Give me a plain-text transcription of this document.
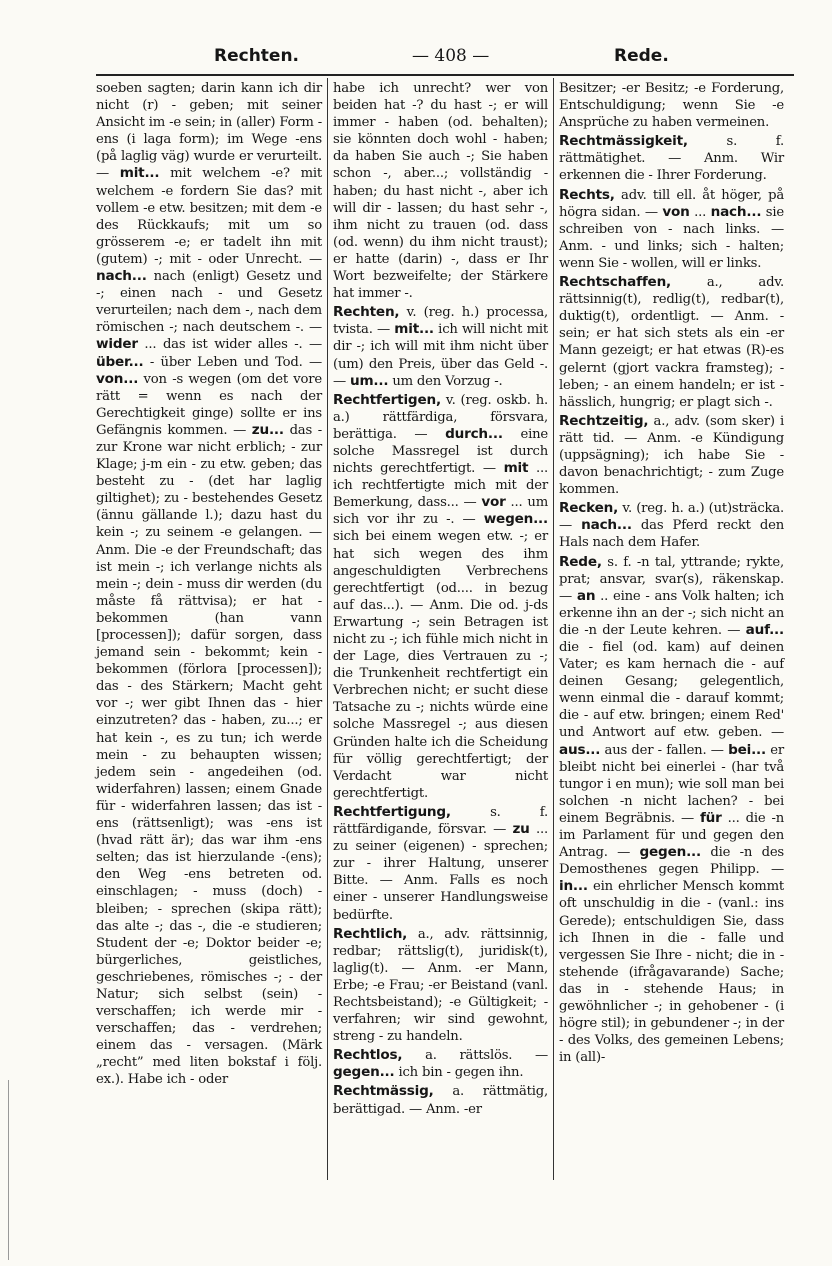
Rechten.	— 408 —	Rede.

soeben sagten; darin kann ich dir nicht (r) - geben; mit seiner Ansicht im -e sein; in (aller) Form -ens (i laga form); im Wege -ens (på laglig väg) wurde er verurteilt. — mit... mit welchem -e? mit welchem -e fordern Sie das? mit vollem -e etw. besitzen; mit dem -e des Rückkaufs; mit um so grösserem -e; er tadelt ihn mit (gutem) -; mit - oder Unrecht. — nach... nach (enligt) Gesetz und -; einen nach - und Gesetz verurteilen; nach dem -, nach dem römischen -; nach deutschem -. — wider ... das ist wider alles -. — über... - über Leben und Tod. — von... von -s wegen (om det vore rätt = wenn es nach der Gerechtigkeit ginge) sollte er ins Gefängnis kommen. — zu... das - zur Krone war nicht erblich; - zur Klage; j-m ein - zu etw. geben; das besteht zu - (det har laglig giltighet); zu - bestehendes Gesetz (ännu gällande l.); dazu hast du kein -; zu seinem -e gelangen. — Anm. Die -e der Freundschaft; das ist mein -; ich verlange nichts als mein -; dein - muss dir werden (du måste få rättvisa); er hat - bekommen (han vann [processen]); dafür sorgen, dass jemand sein - bekommt; kein - bekommen (förlora [processen]); das - des Stärkern; Macht geht vor -; wer gibt Ihnen das - hier einzutreten? das - haben, zu...; er hat kein -, es zu tun; ich werde mein - zu behaupten wissen; jedem sein - angedeihen (od. widerfahren) lassen; einem Gnade für - widerfahren lassen; das ist -ens (rättsenligt); was -ens ist (hvad rätt är); das war ihm -ens selten; das ist hierzulande -(ens); den Weg -ens betreten od. einschlagen; - muss (doch) - bleiben; - sprechen (skipa rätt); das alte -; das -, die -e studieren; Student der -e; Doktor beider -e; bürgerliches, geistliches, geschriebenes, römisches -; - der Natur; sich selbst (sein) - verschaffen; ich werde mir - verschaffen; das - verdrehen; einem das - versagen. (Märk „recht” med liten bokstaf i följ. ex.). Habe ich - oder

habe ich unrecht? wer von beiden hat -? du hast -; er will immer - haben (od. behalten); sie könnten doch wohl - haben; da haben Sie auch -; Sie haben schon -, aber...; vollständig - haben; du hast nicht -, aber ich will dir - lassen; du hast sehr -, ihm nicht zu trauen (od. dass (od. wenn) du ihm nicht traust); er hatte (darin) -, dass er Ihr Wort bezweifelte; der Stärkere hat immer -.

Rechten, v. (reg. h.) processa, tvista. — mit... ich will nicht mit dir -; ich will mit ihm nicht über (um) den Preis, über das Geld -. — um... um den Vorzug -.

Rechtfertigen, v. (reg. oskb. h. a.) rättfärdiga, försvara, berättiga. — durch... eine solche Massregel ist durch nichts gerechtfertigt. — mit ... ich rechtfertigte mich mit der Bemerkung, dass... — vor ... um sich vor ihr zu -. — wegen... sich bei einem wegen etw. -; er hat sich wegen des ihm angeschuldigten Verbrechens gerechtfertigt (od.... in bezug auf das...). — Anm. Die od. j-ds Erwartung -; sein Betragen ist nicht zu -; ich fühle mich nicht in der Lage, dies Vertrauen zu -; die Trunkenheit rechtfertigt ein Verbrechen nicht; er sucht diese Tatsache zu -; nichts würde eine solche Massregel -; aus diesen Gründen halte ich die Scheidung für völlig gerechtfertigt; der Verdacht war nicht gerechtfertigt.

Rechtfertigung, s. f. rättfärdigande, försvar. — zu ... zu seiner (eigenen) - sprechen; zur - ihrer Haltung, unserer Bitte. — Anm. Falls es noch einer - unserer Handlungsweise bedürfte.

Rechtlich, a., adv. rättsinnig, redbar; rättslig(t), juridisk(t), laglig(t). — Anm. -er Mann, Erbe; -e Frau; -er Beistand (vanl. Rechtsbeistand); -e Gültigkeit; - verfahren; wir sind gewohnt, streng - zu handeln.

Rechtlos, a. rättslös. — gegen... ich bin - gegen ihn.

Rechtmässig, a. rättmätig, berättigad. — Anm. -er

Besitzer; -er Besitz; -e Forderung, Entschuldigung; wenn Sie -e Ansprüche zu haben vermeinen.

Rechtmässigkeit, s. f. rättmätighet. — Anm. Wir erkennen die - Ihrer Forderung.

Rechts, adv. till ell. åt höger, på högra sidan. — von ... nach... sie schreiben von - nach links. — Anm. - und links; sich - halten; wenn Sie - wollen, will er links.

Rechtschaffen, a., adv. rättsinnig(t), redlig(t), redbar(t), duktig(t), ordentligt. — Anm. - sein; er hat sich stets als ein -er Mann gezeigt; er hat etwas (R)-es gelernt (gjort vackra framsteg); - leben; - an einem handeln; er ist - hässlich, hungrig; er plagt sich -.

Rechtzeitig, a., adv. (som sker) i rätt tid. — Anm. -e Kündigung (uppsägning); ich habe Sie - davon benachrichtigt; - zum Zuge kommen.

Recken, v. (reg. h. a.) (ut)sträcka. — nach... das Pferd reckt den Hals nach dem Hafer.

Rede, s. f. -n tal, yttrande; rykte, prat; ansvar, svar(s), räkenskap. — an .. eine - ans Volk halten; ich erkenne ihn an der -; sich nicht an die -n der Leute kehren. — auf... die - fiel (od. kam) auf deinen Vater; es kam hernach die - auf deinen Gesang; gelegentlich, wenn einmal die - darauf kommt; die - auf etw. bringen; einem Red' und Antwort auf etw. geben. — aus... aus der - fallen. — bei... er bleibt nicht bei einerlei - (har två tungor i en mun); wie soll man bei solchen -n nicht lachen? - bei einem Begräbnis. — für ... die -n im Parlament für und gegen den Antrag. — gegen... die -n des Demosthenes gegen Philipp. — in... ein ehrlicher Mensch kommt oft unschuldig in die - (vanl.: ins Gerede); entschuldigen Sie, dass ich Ihnen in die - falle und vergessen Sie Ihre - nicht; die in - stehende (ifrågavarande) Sache; das in - stehende Haus; in gewöhnlicher -; in gehobener - (i högre stil); in gebundener -; in der - des Volks, des gemeinen Lebens; in (all)-
